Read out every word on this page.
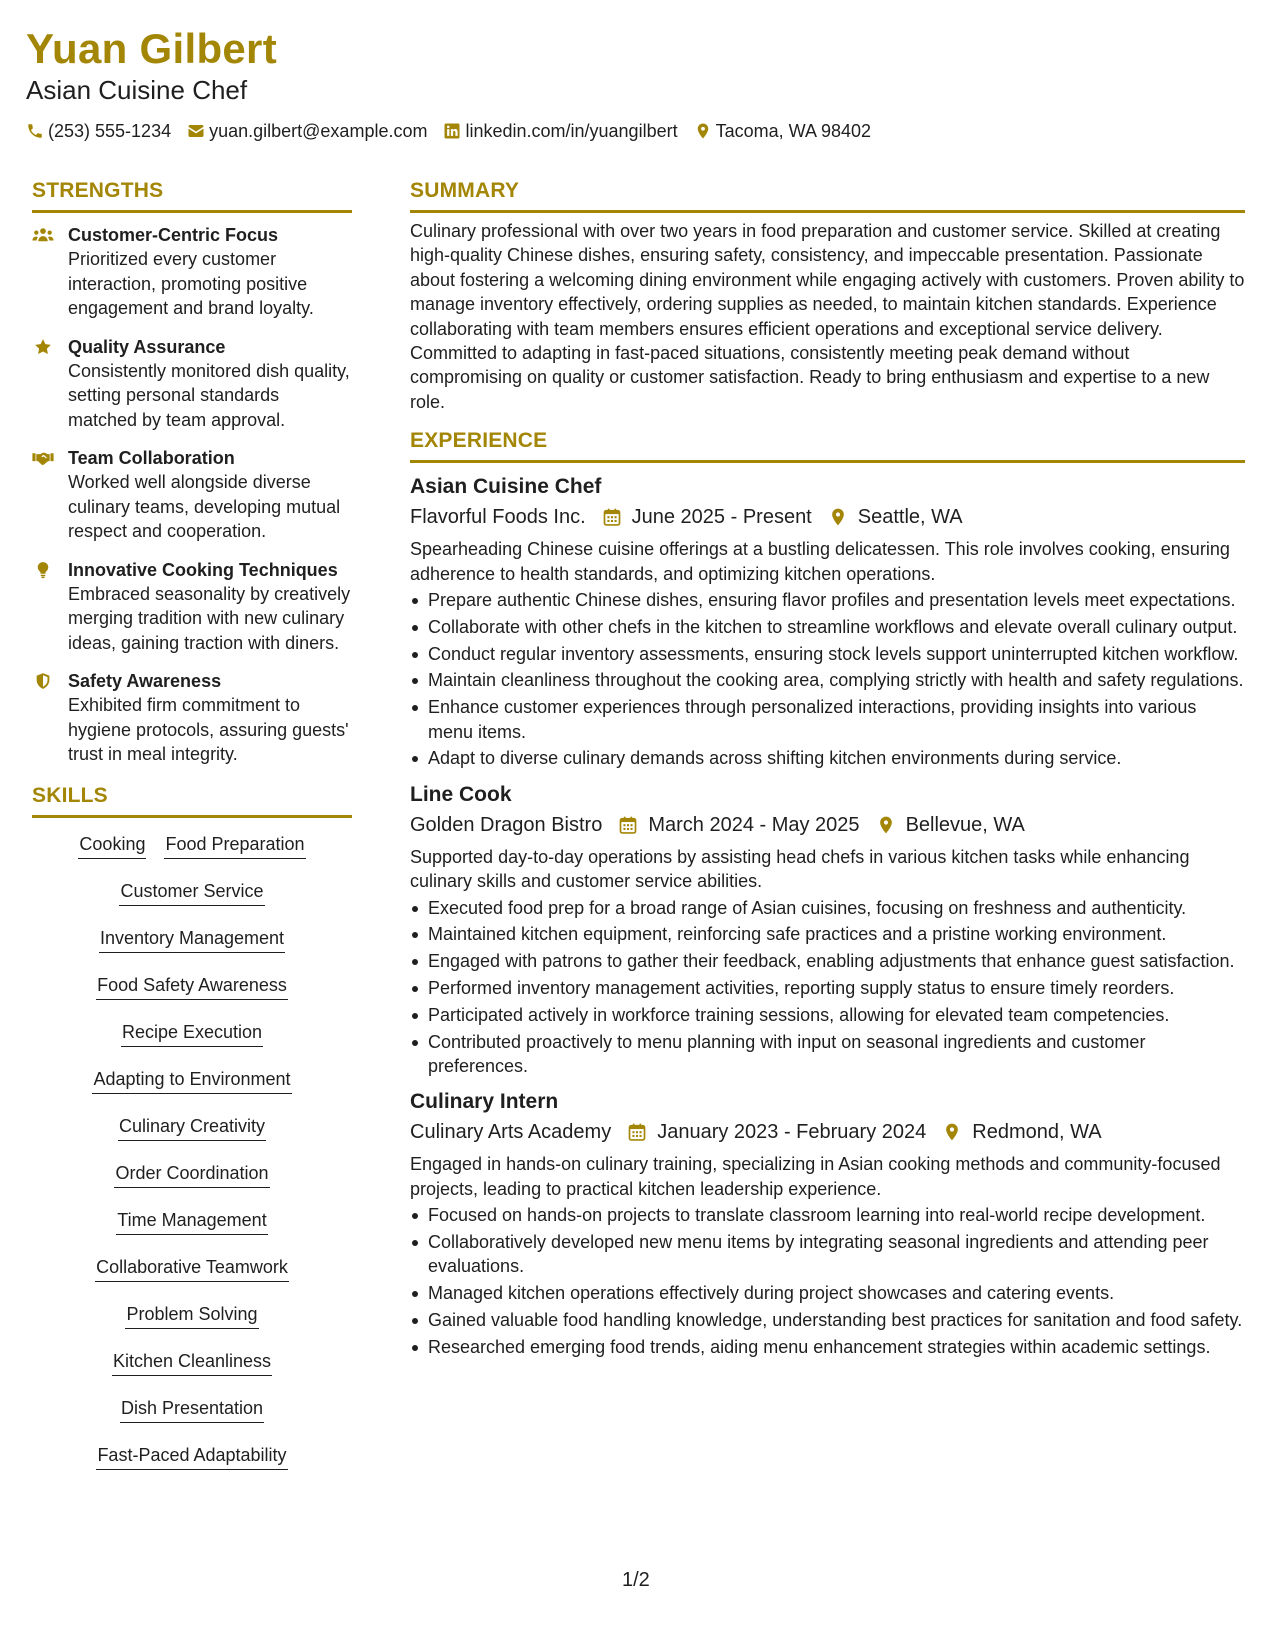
Yuan Gilbert
Asian Cuisine Chef
(253) 555-1234 yuan.gilbert@example.com linkedin.com/in/yuangilbert Tacoma, WA 98402
STRENGTHS
Customer-Centric Focus
Prioritized every customer interaction, promoting positive engagement and brand loyalty.
Quality Assurance
Consistently monitored dish quality, setting personal standards matched by team approval.
Team Collaboration
Worked well alongside diverse culinary teams, developing mutual respect and cooperation.
Innovative Cooking Techniques
Embraced seasonality by creatively merging tradition with new culinary ideas, gaining traction with diners.
Safety Awareness
Exhibited firm commitment to hygiene protocols, assuring guests' trust in meal integrity.
SKILLS
Cooking Food Preparation
Customer Service
Inventory Management
Food Safety Awareness
Recipe Execution
Adapting to Environment
Culinary Creativity
Order Coordination
Time Management
Collaborative Teamwork
Problem Solving
Kitchen Cleanliness
Dish Presentation
Fast-Paced Adaptability
SUMMARY
Culinary professional with over two years in food preparation and customer service. Skilled at creating high-quality Chinese dishes, ensuring safety, consistency, and impeccable presentation. Passionate about fostering a welcoming dining environment while engaging actively with customers. Proven ability to manage inventory effectively, ordering supplies as needed, to maintain kitchen standards. Experience collaborating with team members ensures efficient operations and exceptional service delivery. Committed to adapting in fast-paced situations, consistently meeting peak demand without compromising on quality or customer satisfaction. Ready to bring enthusiasm and expertise to a new role.
EXPERIENCE
Asian Cuisine Chef
Flavorful Foods Inc. June 2025 - Present Seattle, WA
Spearheading Chinese cuisine offerings at a bustling delicatessen. This role involves cooking, ensuring adherence to health standards, and optimizing kitchen operations.
Prepare authentic Chinese dishes, ensuring flavor profiles and presentation levels meet expectations.
Collaborate with other chefs in the kitchen to streamline workflows and elevate overall culinary output.
Conduct regular inventory assessments, ensuring stock levels support uninterrupted kitchen workflow.
Maintain cleanliness throughout the cooking area, complying strictly with health and safety regulations.
Enhance customer experiences through personalized interactions, providing insights into various menu items.
Adapt to diverse culinary demands across shifting kitchen environments during service.
Line Cook
Golden Dragon Bistro March 2024 - May 2025 Bellevue, WA
Supported day-to-day operations by assisting head chefs in various kitchen tasks while enhancing culinary skills and customer service abilities.
Executed food prep for a broad range of Asian cuisines, focusing on freshness and authenticity.
Maintained kitchen equipment, reinforcing safe practices and a pristine working environment.
Engaged with patrons to gather their feedback, enabling adjustments that enhance guest satisfaction.
Performed inventory management activities, reporting supply status to ensure timely reorders.
Participated actively in workforce training sessions, allowing for elevated team competencies.
Contributed proactively to menu planning with input on seasonal ingredients and customer preferences.
Culinary Intern
Culinary Arts Academy January 2023 - February 2024 Redmond, WA
Engaged in hands-on culinary training, specializing in Asian cooking methods and community-focused projects, leading to practical kitchen leadership experience.
Focused on hands-on projects to translate classroom learning into real-world recipe development.
Collaboratively developed new menu items by integrating seasonal ingredients and attending peer evaluations.
Managed kitchen operations effectively during project showcases and catering events.
Gained valuable food handling knowledge, understanding best practices for sanitation and food safety.
Researched emerging food trends, aiding menu enhancement strategies within academic settings.
1/2
